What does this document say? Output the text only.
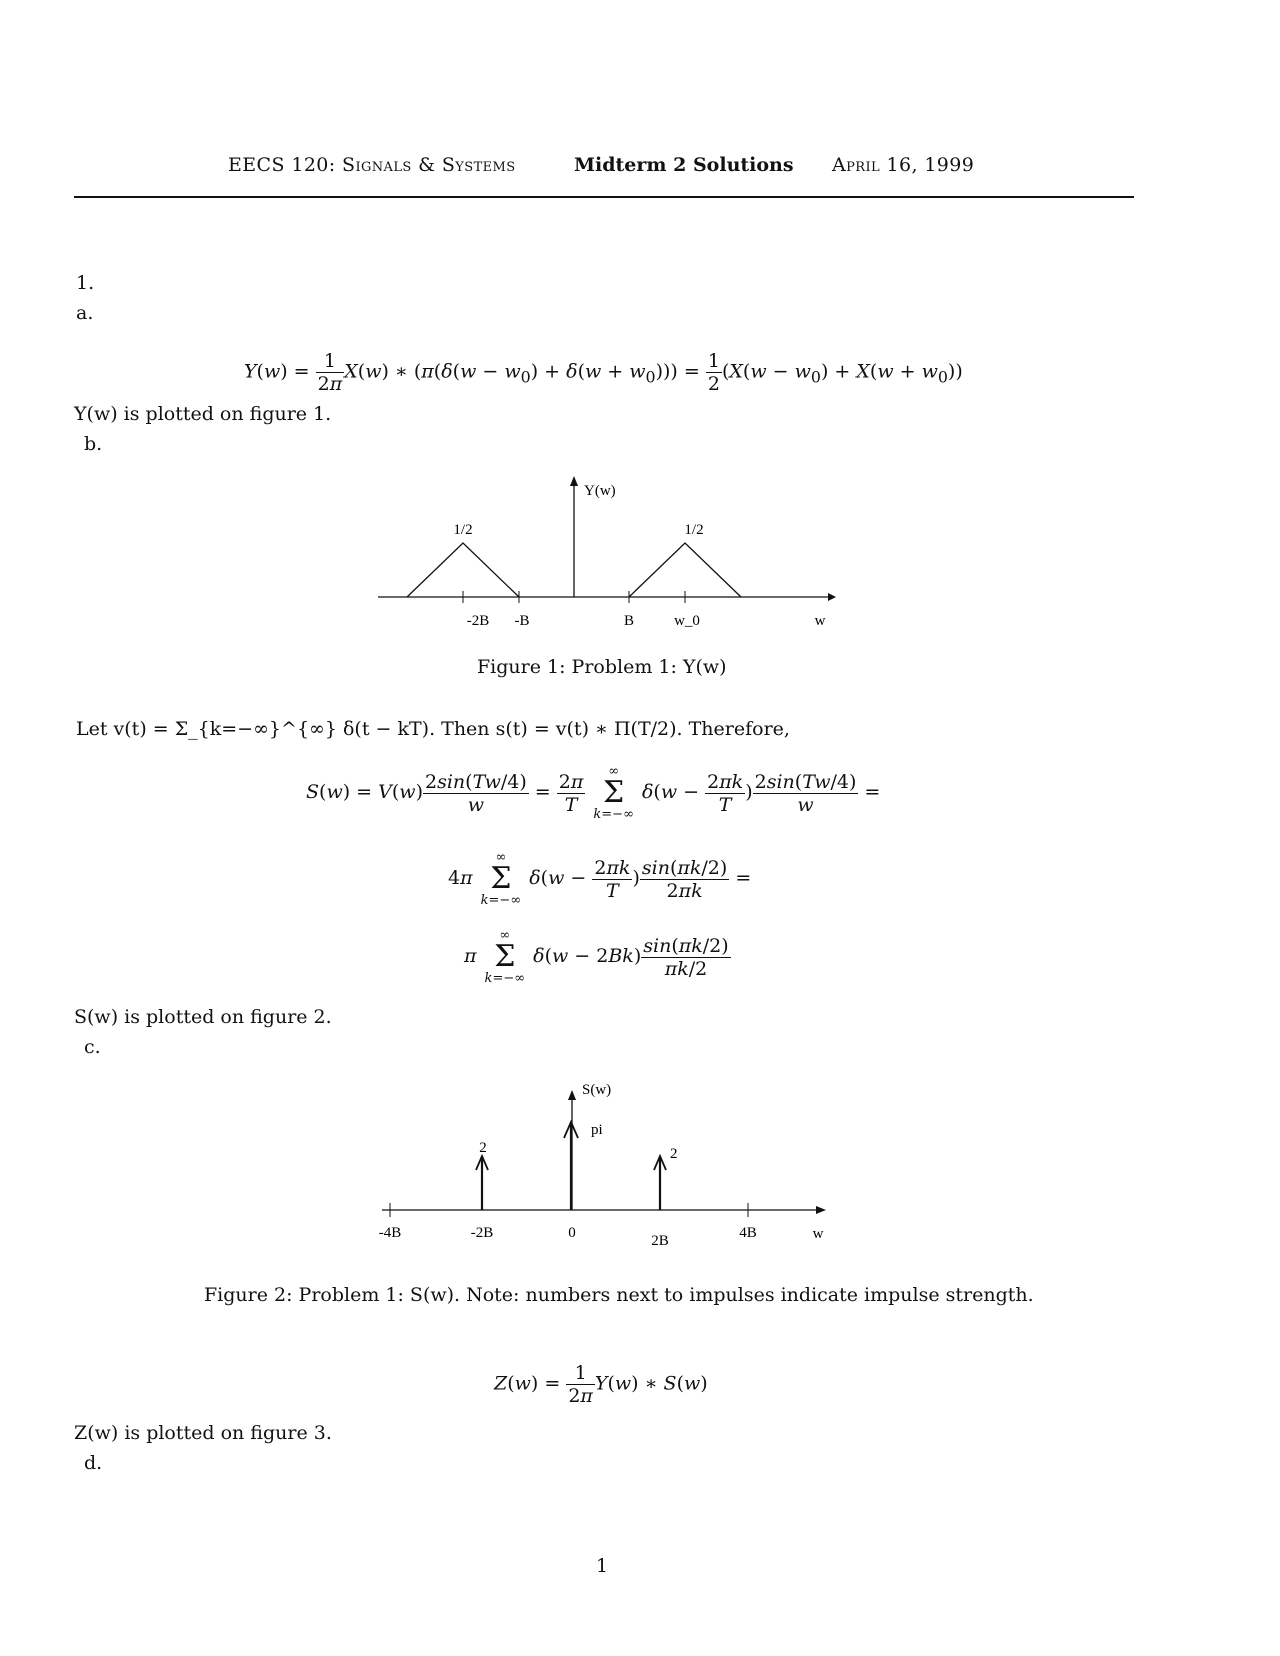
EECS 120: Signals & Systems	Midterm 2 Solutions April 16, 1999
1.
a.
$Y(w) = \frac{1}{2\pi} X(w)$ ∗ $(\pi(\delta(w - w_0) + \delta(w + w_0))) = \frac{1}{2} (X(w - w_0) + X(w + w_0))$
Y(w) is plotted on figure 1.
b.
Y(w)
1/2	1/2
-2B -B	B	w_0	w
Figure 1: Problem 1: Y(w)
Let v(t) = Σ_{k=−∞}^{∞} δ(t − kT). Then s(t) = v(t) ∗ Π(T/2). Therefore,
$S(w) = V(w) \frac{2\sin(Tw/4)}{w} = \frac{2\pi}{T}$
	∞
Σ
k=−∞
$\delta(w - \frac{2\pi k}{T}$ ) $\frac{2\sin(Tw/4)}{w}$ =
4π
∞
Σ
k=−∞
$\delta(w - \frac{2\pi k}{T}$ ) $\frac{\sin(\pi k/2)}{2\pi k}$ =
π
∞
Σ
k=−∞
$\delta(w - 2Bk) \frac{\sin(\pi k/2)}{\pi k/2}$
S(w) is plotted on figure 2.
c.
S(w)
pi
2	2
-4B	-2B	0	2B	4B	w
Figure 2: Problem 1: S(w). Note: numbers next to impulses indicate impulse strength.
$Z(w) = \frac{1}{2\pi} Y(w)$ ∗ S(w)
Z(w) is plotted on figure 3.
d.
1
